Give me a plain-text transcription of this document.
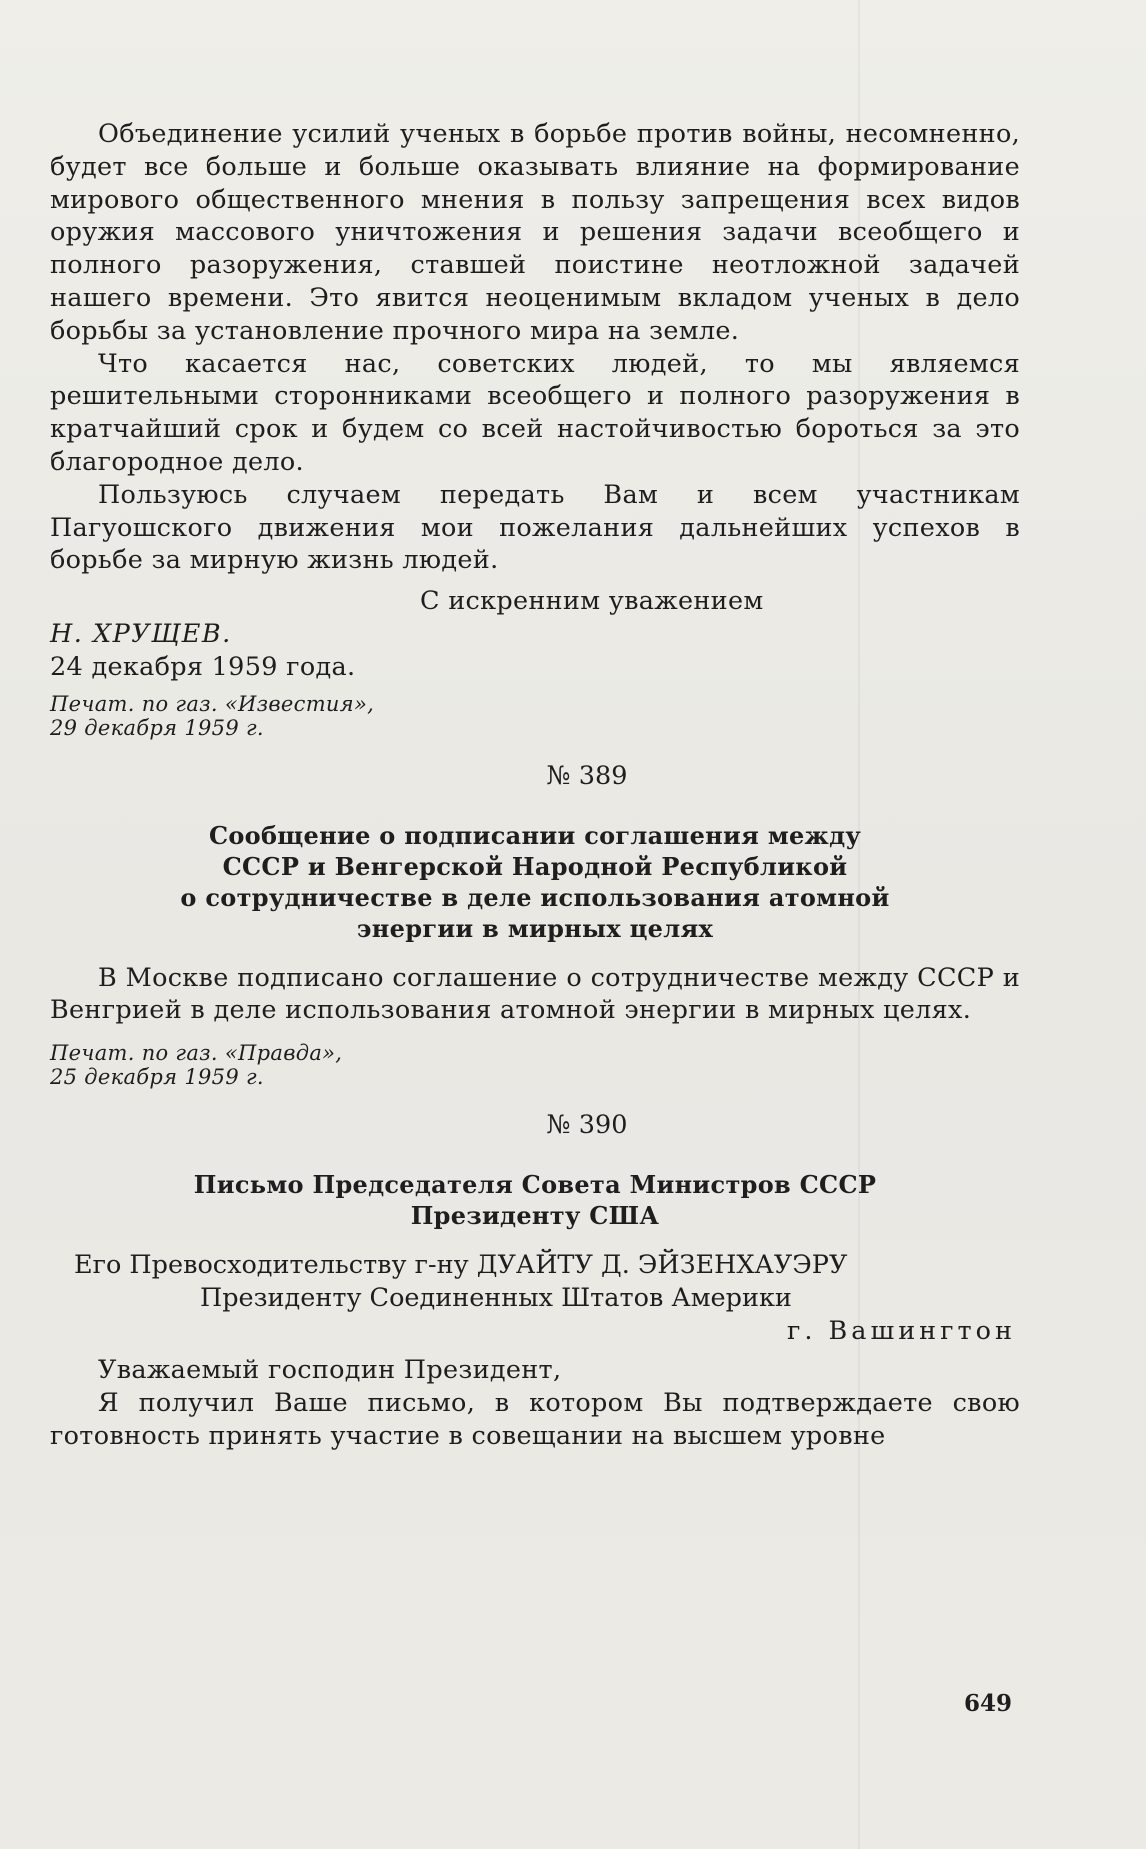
Объединение усилий ученых в борьбе против войны, несомненно, будет все больше и больше оказывать влияние на формирование мирового общественного мнения в пользу запрещения всех видов оружия массового уничтожения и решения задачи всеобщего и полного разоружения, ставшей поистине неотложной задачей нашего времени. Это явится неоценимым вкладом ученых в дело борьбы за установление прочного мира на земле.

Что касается нас, советских людей, то мы являемся решительными сторонниками всеобщего и полного разоружения в кратчайший срок и будем со всей настойчивостью бороться за это благородное дело.

Пользуюсь случаем передать Вам и всем участникам Пагуошского движения мои пожелания дальнейших успехов в борьбе за мирную жизнь людей.

С искренним уважением

Н. ХРУЩЕВ.

24 декабря 1959 года.

Печат. по газ. «Известия»,
29 декабря 1959 г.
№ 389
Сообщение о подписании соглашения между
СССР и Венгерской Народной Республикой
о сотрудничестве в деле использования атомной
энергии в мирных целях

В Москве подписано соглашение о сотрудничестве между СССР и Венгрией в деле использования атомной энергии в мирных целях.

Печат. по газ. «Правда»,
25 декабря 1959 г.
№ 390
Письмо Председателя Совета Министров СССР
Президенту США
Его Превосходительству г-ну ДУАЙТУ Д. ЭЙЗЕНХАУЭРУ
Президенту Соединенных Штатов Америки
г. Вашингтон

Уважаемый господин Президент,

Я получил Ваше письмо, в котором Вы подтверждаете свою готовность принять участие в совещании на высшем уровне

649
